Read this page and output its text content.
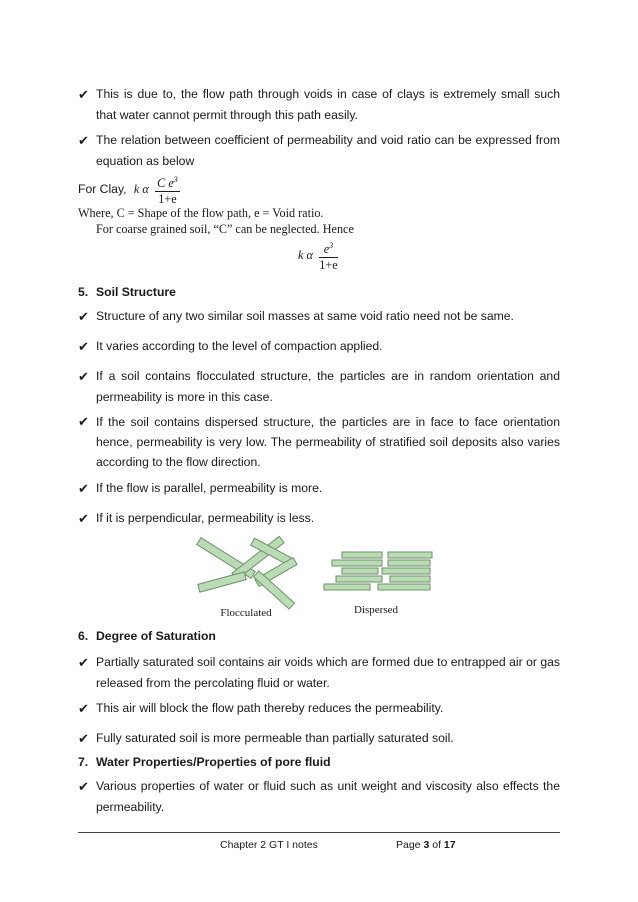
✔ This is due to, the flow path through voids in case of clays is extremely small such that water cannot permit through this path easily.
✔ The relation between coefficient of permeability and void ratio can be expressed from equation as below
For Clay, k α $\frac{C e^3}{1+e}$
Where, C = Shape of the flow path, e = Void ratio.
For coarse grained soil, “C” can be neglected. Hence
k α $\frac{e^3}{1+e}$
5. Soil Structure
✔ Structure of any two similar soil masses at same void ratio need not be same.
✔ It varies according to the level of compaction applied.
✔ If a soil contains flocculated structure, the particles are in random orientation and permeability is more in this case.
✔ If the soil contains dispersed structure, the particles are in face to face orientation hence, permeability is very low. The permeability of stratified soil deposits also varies according to the flow direction.
✔ If the flow is parallel, permeability is more.
✔ If it is perpendicular, permeability is less.
Flocculated	Dispersed
6. Degree of Saturation
✔ Partially saturated soil contains air voids which are formed due to entrapped air or gas released from the percolating fluid or water.
✔ This air will block the flow path thereby reduces the permeability.
✔ Fully saturated soil is more permeable than partially saturated soil.
7. Water Properties/Properties of pore fluid
✔ Various properties of water or fluid such as unit weight and viscosity also effects the permeability.
Chapter 2 GT I notes	Page 3 of 17
